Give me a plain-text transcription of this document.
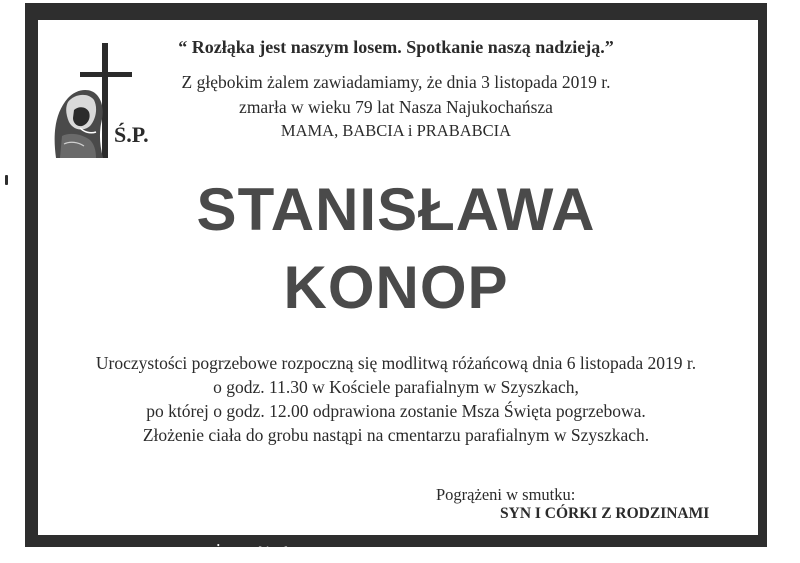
Ś.P.
“ Rozłąka jest naszym losem. Spotkanie naszą nadzieją.”
Z głębokim żalem zawiadamiamy, że dnia 3 listopada 2019 r.
zmarła w wieku 79 lat Nasza Najukochańsza
MAMA, BABCIA i PRABABCIA
STANISŁAWA
KONOP
Uroczystości pogrzebowe rozpoczną się modlitwą różańcową dnia 6 listopada 2019 r.
o godz. 11.30 w Kościele parafialnym w Szyszkach,
po której o godz. 12.00 odprawiona zostanie Msza Święta pogrzebowa.
Złożenie ciała do grobu nastąpi na cmentarzu parafialnym w Szyszkach.
Pogrążeni w smutku:
SYN I CÓRKI Z RODZINAMI
DRUK: Z.U.P. "HADES" R.Żurawski tel. 23 672 14 88, 662 198 820
